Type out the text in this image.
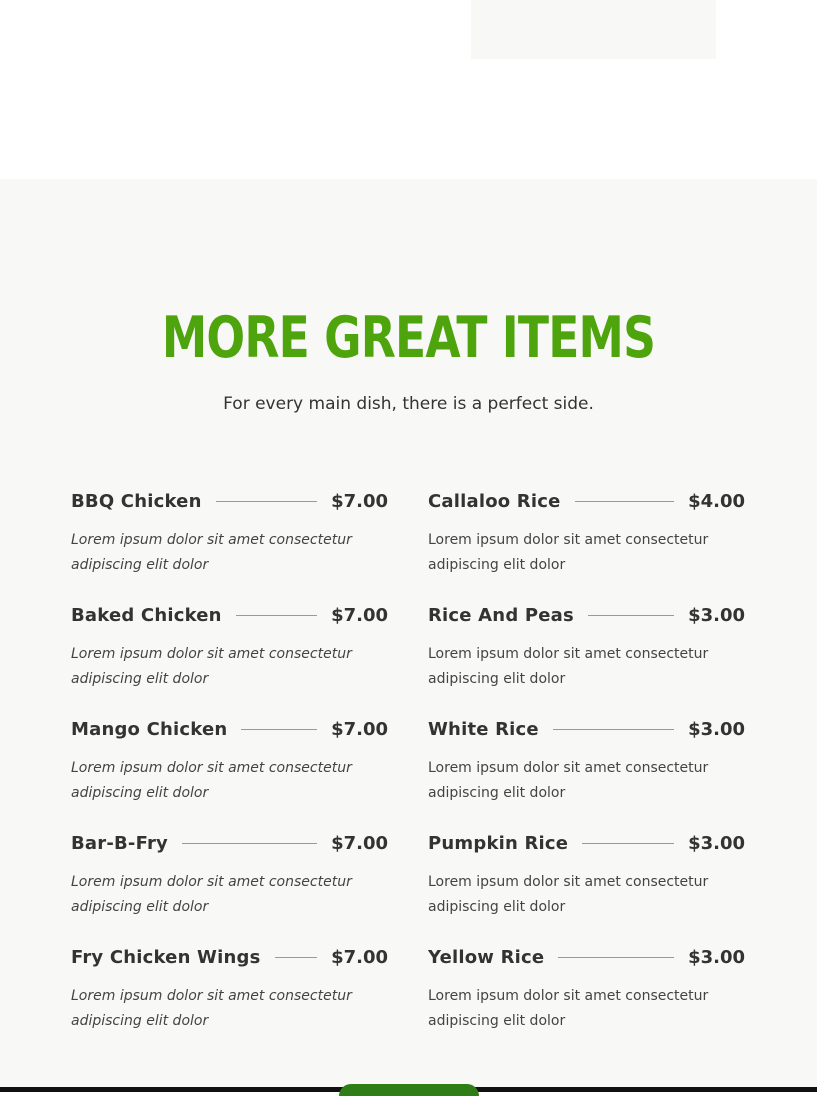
MORE GREAT ITEMS

For every main dish, there is a perfect side.

BBQ Chicken	$7.00

Lorem ipsum dolor sit amet consectetur adipiscing elit dolor

Baked Chicken	$7.00

Lorem ipsum dolor sit amet consectetur adipiscing elit dolor

Mango Chicken	$7.00

Lorem ipsum dolor sit amet consectetur adipiscing elit dolor

Bar-B-Fry	$7.00

Lorem ipsum dolor sit amet consectetur adipiscing elit dolor

Fry Chicken Wings	$7.00

Lorem ipsum dolor sit amet consectetur adipiscing elit dolor

Callaloo Rice	$4.00

Lorem ipsum dolor sit amet consectetur adipiscing elit dolor

Rice And Peas	$3.00

Lorem ipsum dolor sit amet consectetur adipiscing elit dolor

White Rice	$3.00

Lorem ipsum dolor sit amet consectetur adipiscing elit dolor

Pumpkin Rice	$3.00

Lorem ipsum dolor sit amet consectetur adipiscing elit dolor

Yellow Rice	$3.00

Lorem ipsum dolor sit amet consectetur adipiscing elit dolor
